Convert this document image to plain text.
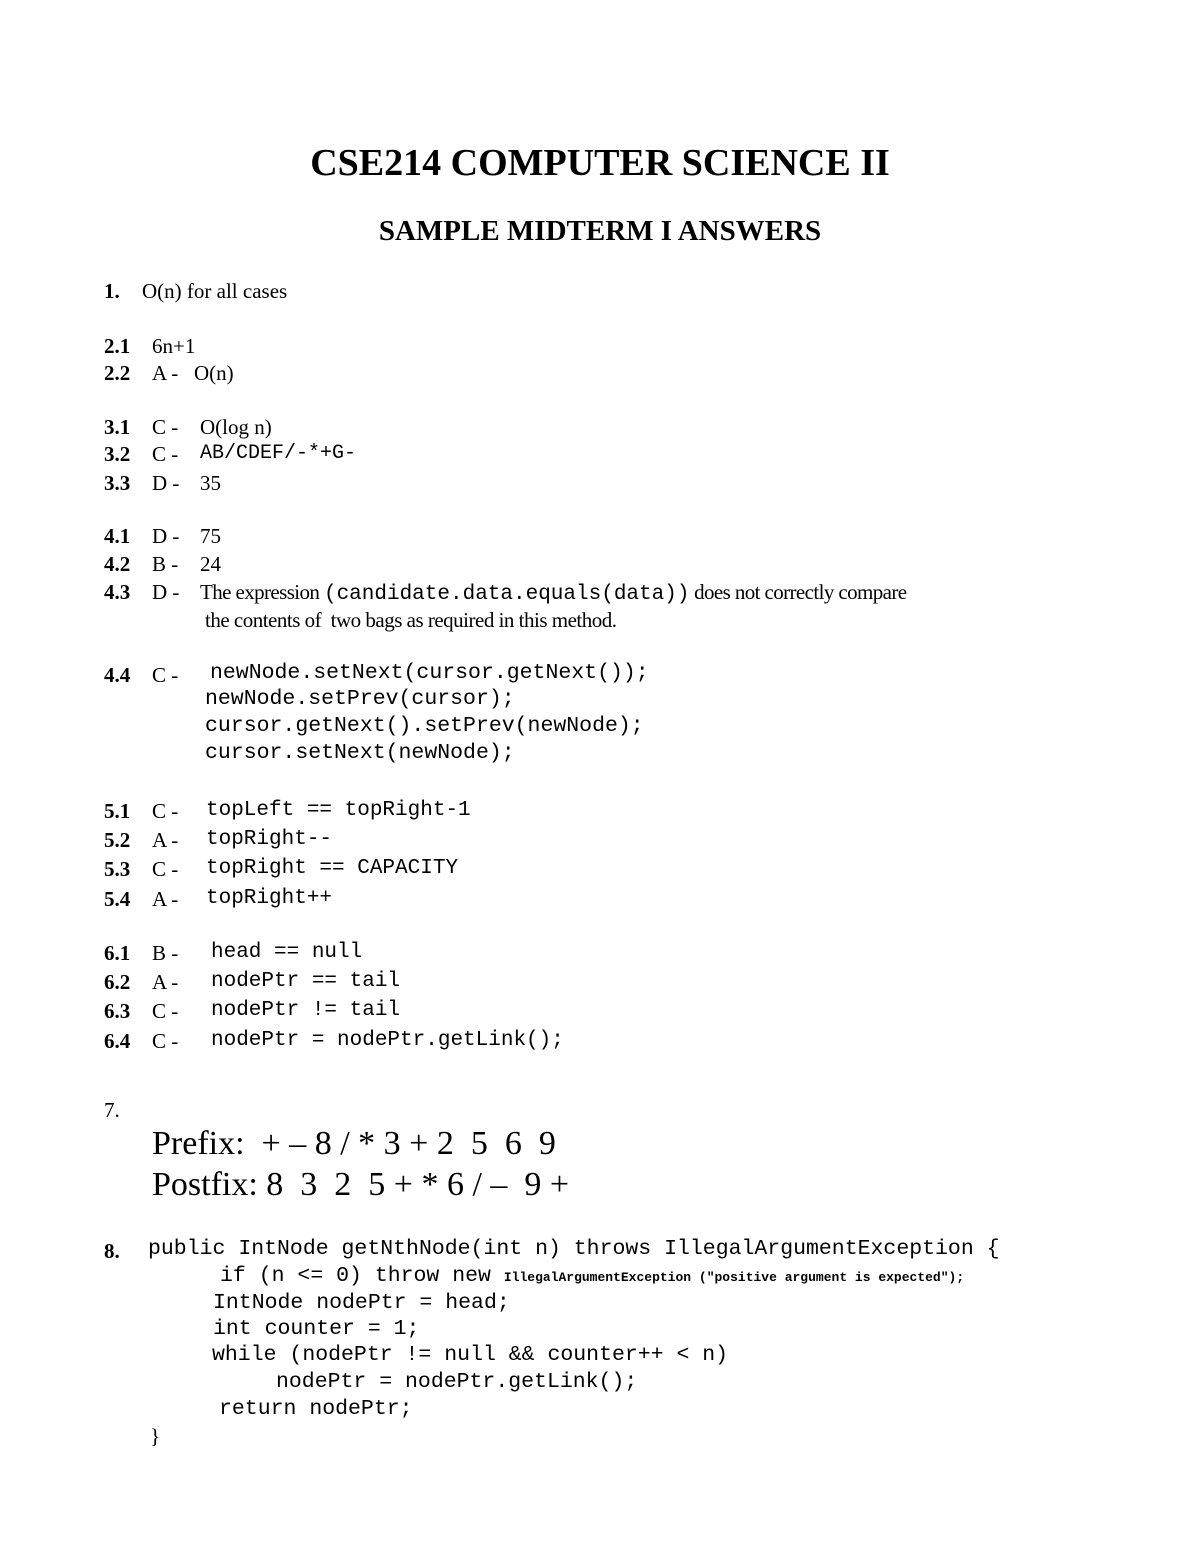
CSE214 COMPUTER SCIENCE II
SAMPLE MIDTERM I ANSWERS

1.

O(n) for all cases

2.1

6n+1

2.2

A -

O(n)

3.1

C -

O(log n)

3.2

C -

AB/CDEF/-*+G-

3.3

D -

35

4.1

D -

75

4.2

B -

24

4.3

D -

The expression (candidate.data.equals(data)) does not correctly compare

the contents of  two bags as required in this method.

4.4

C - newNode.setNext(cursor.getNext());
newNode.setPrev(cursor);
cursor.getNext().setPrev(newNode);
cursor.setNext(newNode);

5.1

C -

topLeft == topRight-1

5.2

A -

topRight--

5.3

C -

topRight == CAPACITY

5.4

A -

topRight++

6.1

B -

head == null

6.2

A -

nodePtr == tail

6.3

C -

nodePtr != tail

6.4

C -

nodePtr = nodePtr.getLink();

7.

Prefix:  + – 8 / * 3 + 2  5  6  9
Postfix: 8  3  2  5 + * 6 / –  9 +

8. public IntNode getNthNode(int n) throws IllegalArgumentException {
if (n <= 0) throw new IllegalArgumentException ("positive argument is expected");
IntNode nodePtr = head;
int counter = 1;
while (nodePtr != null && counter++ < n)
nodePtr = nodePtr.getLink();
return nodePtr;
}
